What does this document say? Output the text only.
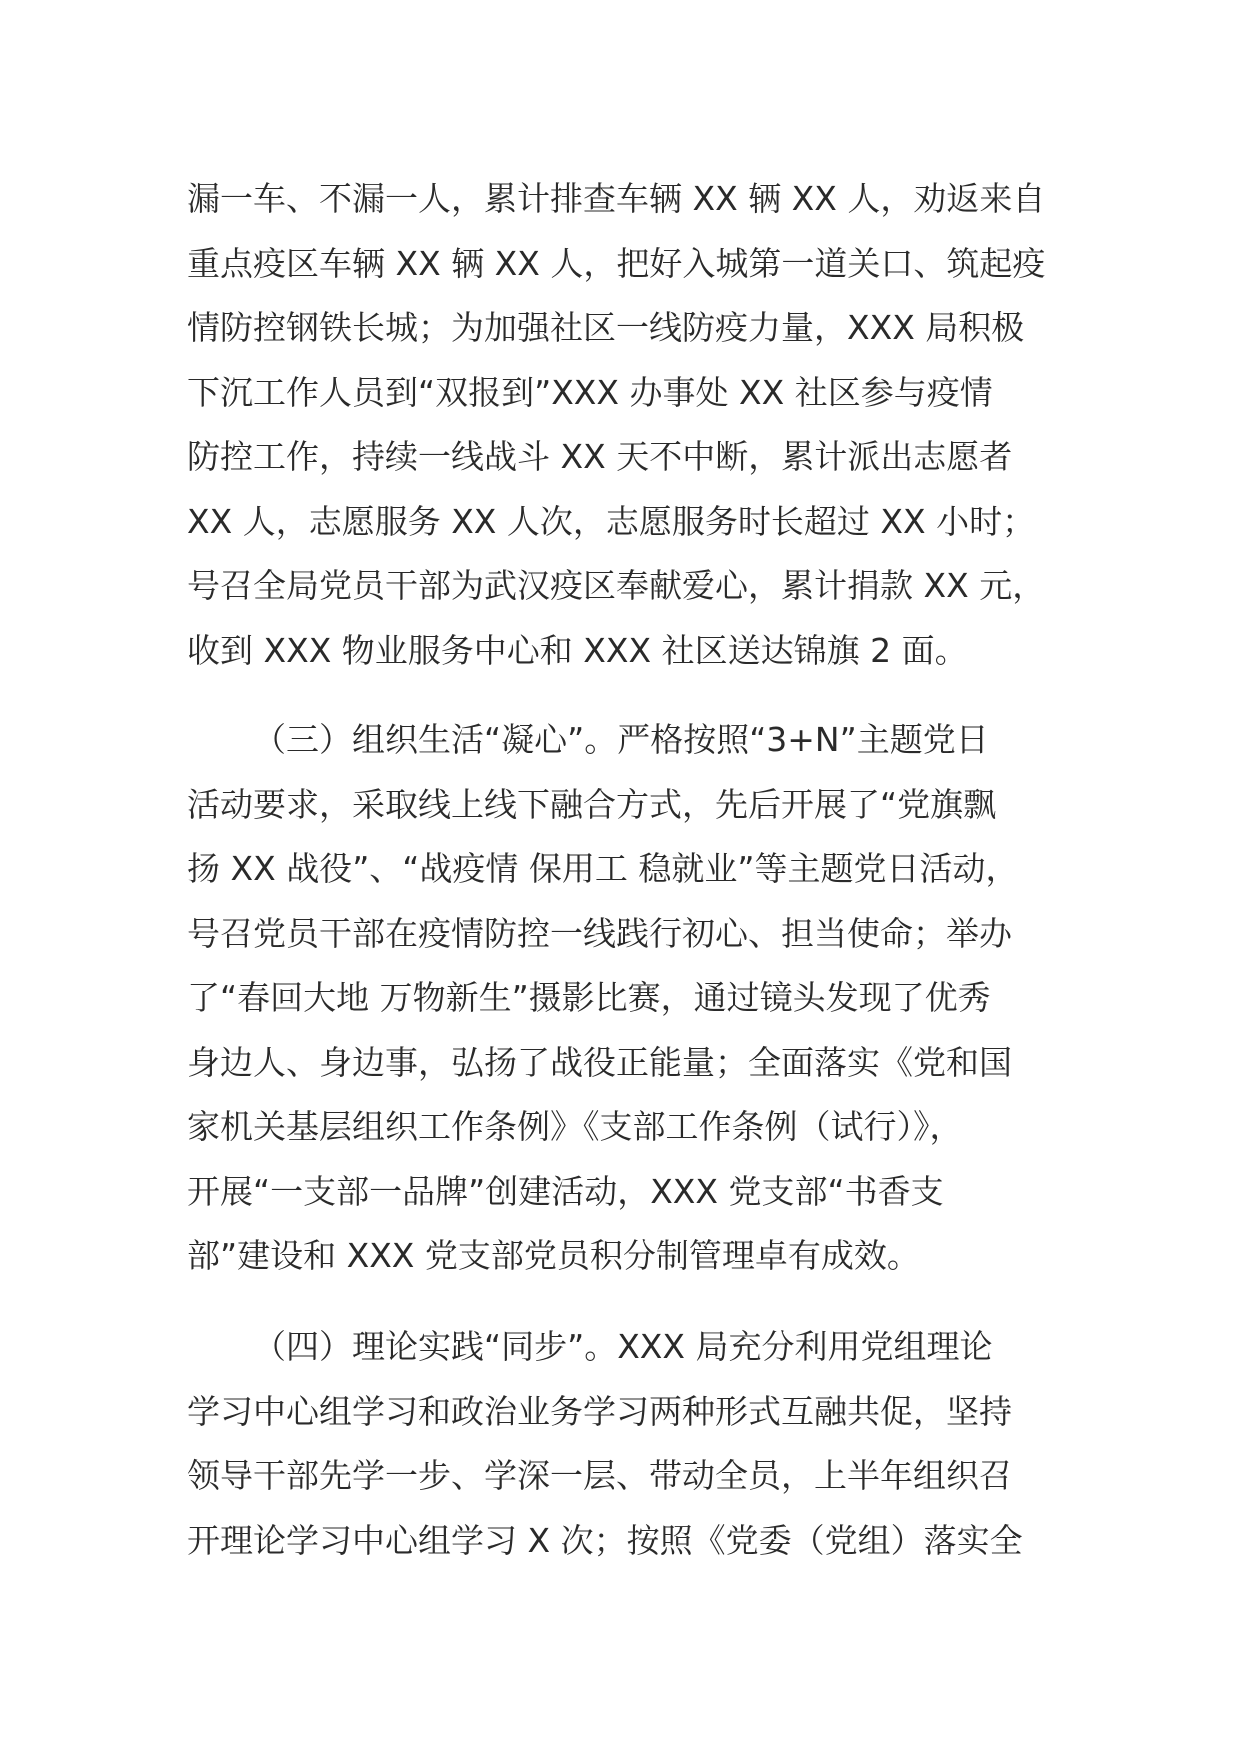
漏一车、不漏一人，累计排查车辆 XX 辆 XX 人，劝返来自
重点疫区车辆 XX 辆 XX 人，把好入城第一道关口、筑起疫
情防控钢铁长城；为加强社区一线防疫力量，XXX 局积极
下沉工作人员到“双报到”XXX 办事处 XX 社区参与疫情
防控工作，持续一线战斗 XX 天不中断，累计派出志愿者
XX 人，志愿服务 XX 人次，志愿服务时长超过 XX 小时；
号召全局党员干部为武汉疫区奉献爱心，累计捐款 XX 元，
收到 XXX 物业服务中心和 XXX 社区送达锦旗 2 面。
（三）组织生活“凝心”。严格按照“3+N”主题党日
活动要求，采取线上线下融合方式，先后开展了“党旗飘
扬 XX 战役”、“战疫情 保用工 稳就业”等主题党日活动，
号召党员干部在疫情防控一线践行初心、担当使命；举办
了“春回大地 万物新生”摄影比赛，通过镜头发现了优秀
身边人、身边事，弘扬了战役正能量；全面落实《党和国
家机关基层组织工作条例》《支部工作条例（试行）》，
开展“一支部一品牌”创建活动，XXX 党支部“书香支
部”建设和 XXX 党支部党员积分制管理卓有成效。
（四）理论实践“同步”。XXX 局充分利用党组理论
学习中心组学习和政治业务学习两种形式互融共促，坚持
领导干部先学一步、学深一层、带动全员，上半年组织召
开理论学习中心组学习 X 次；按照《党委（党组）落实全
